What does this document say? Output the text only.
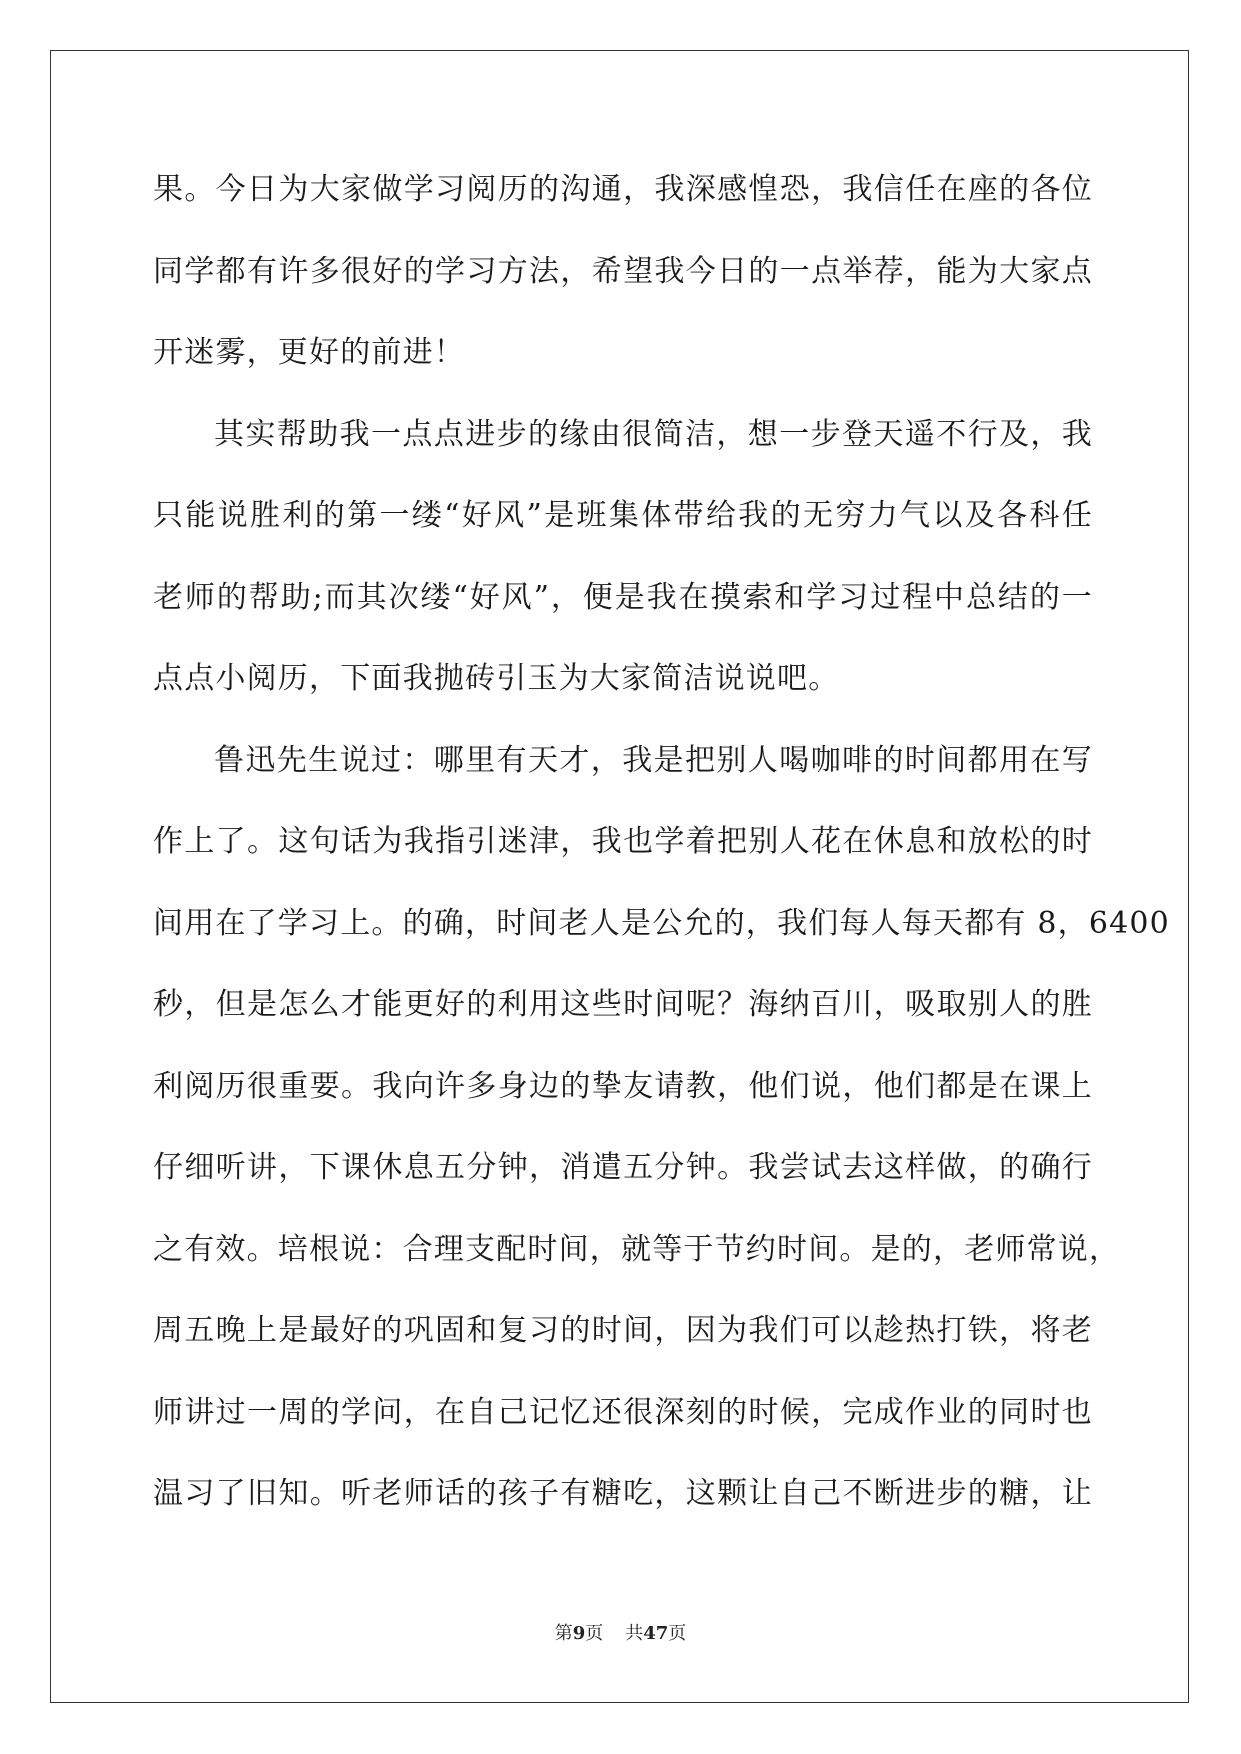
果。今日为大家做学习阅历的沟通，我深感惶恐，我信任在座的各位
同学都有许多很好的学习方法，希望我今日的一点举荐，能为大家点
开迷雾，更好的前进！
其实帮助我一点点进步的缘由很简洁，想一步登天遥不行及，我
只能说胜利的第一缕“好风”是班集体带给我的无穷力气以及各科任
老师的帮助;而其次缕“好风”，便是我在摸索和学习过程中总结的一
点点小阅历，下面我抛砖引玉为大家简洁说说吧。
鲁迅先生说过：哪里有天才，我是把别人喝咖啡的时间都用在写
作上了。这句话为我指引迷津，我也学着把别人花在休息和放松的时
间用在了学习上。的确，时间老人是公允的，我们每人每天都有 8，6400
秒，但是怎么才能更好的利用这些时间呢？海纳百川，吸取别人的胜
利阅历很重要。我向许多身边的挚友请教，他们说，他们都是在课上
仔细听讲，下课休息五分钟，消遣五分钟。我尝试去这样做，的确行
之有效。培根说：合理支配时间，就等于节约时间。是的，老师常说，
周五晚上是最好的巩固和复习的时间，因为我们可以趁热打铁，将老
师讲过一周的学问，在自己记忆还很深刻的时候，完成作业的同时也
温习了旧知。听老师话的孩子有糖吃，这颗让自己不断进步的糖，让
第9页 共47页
